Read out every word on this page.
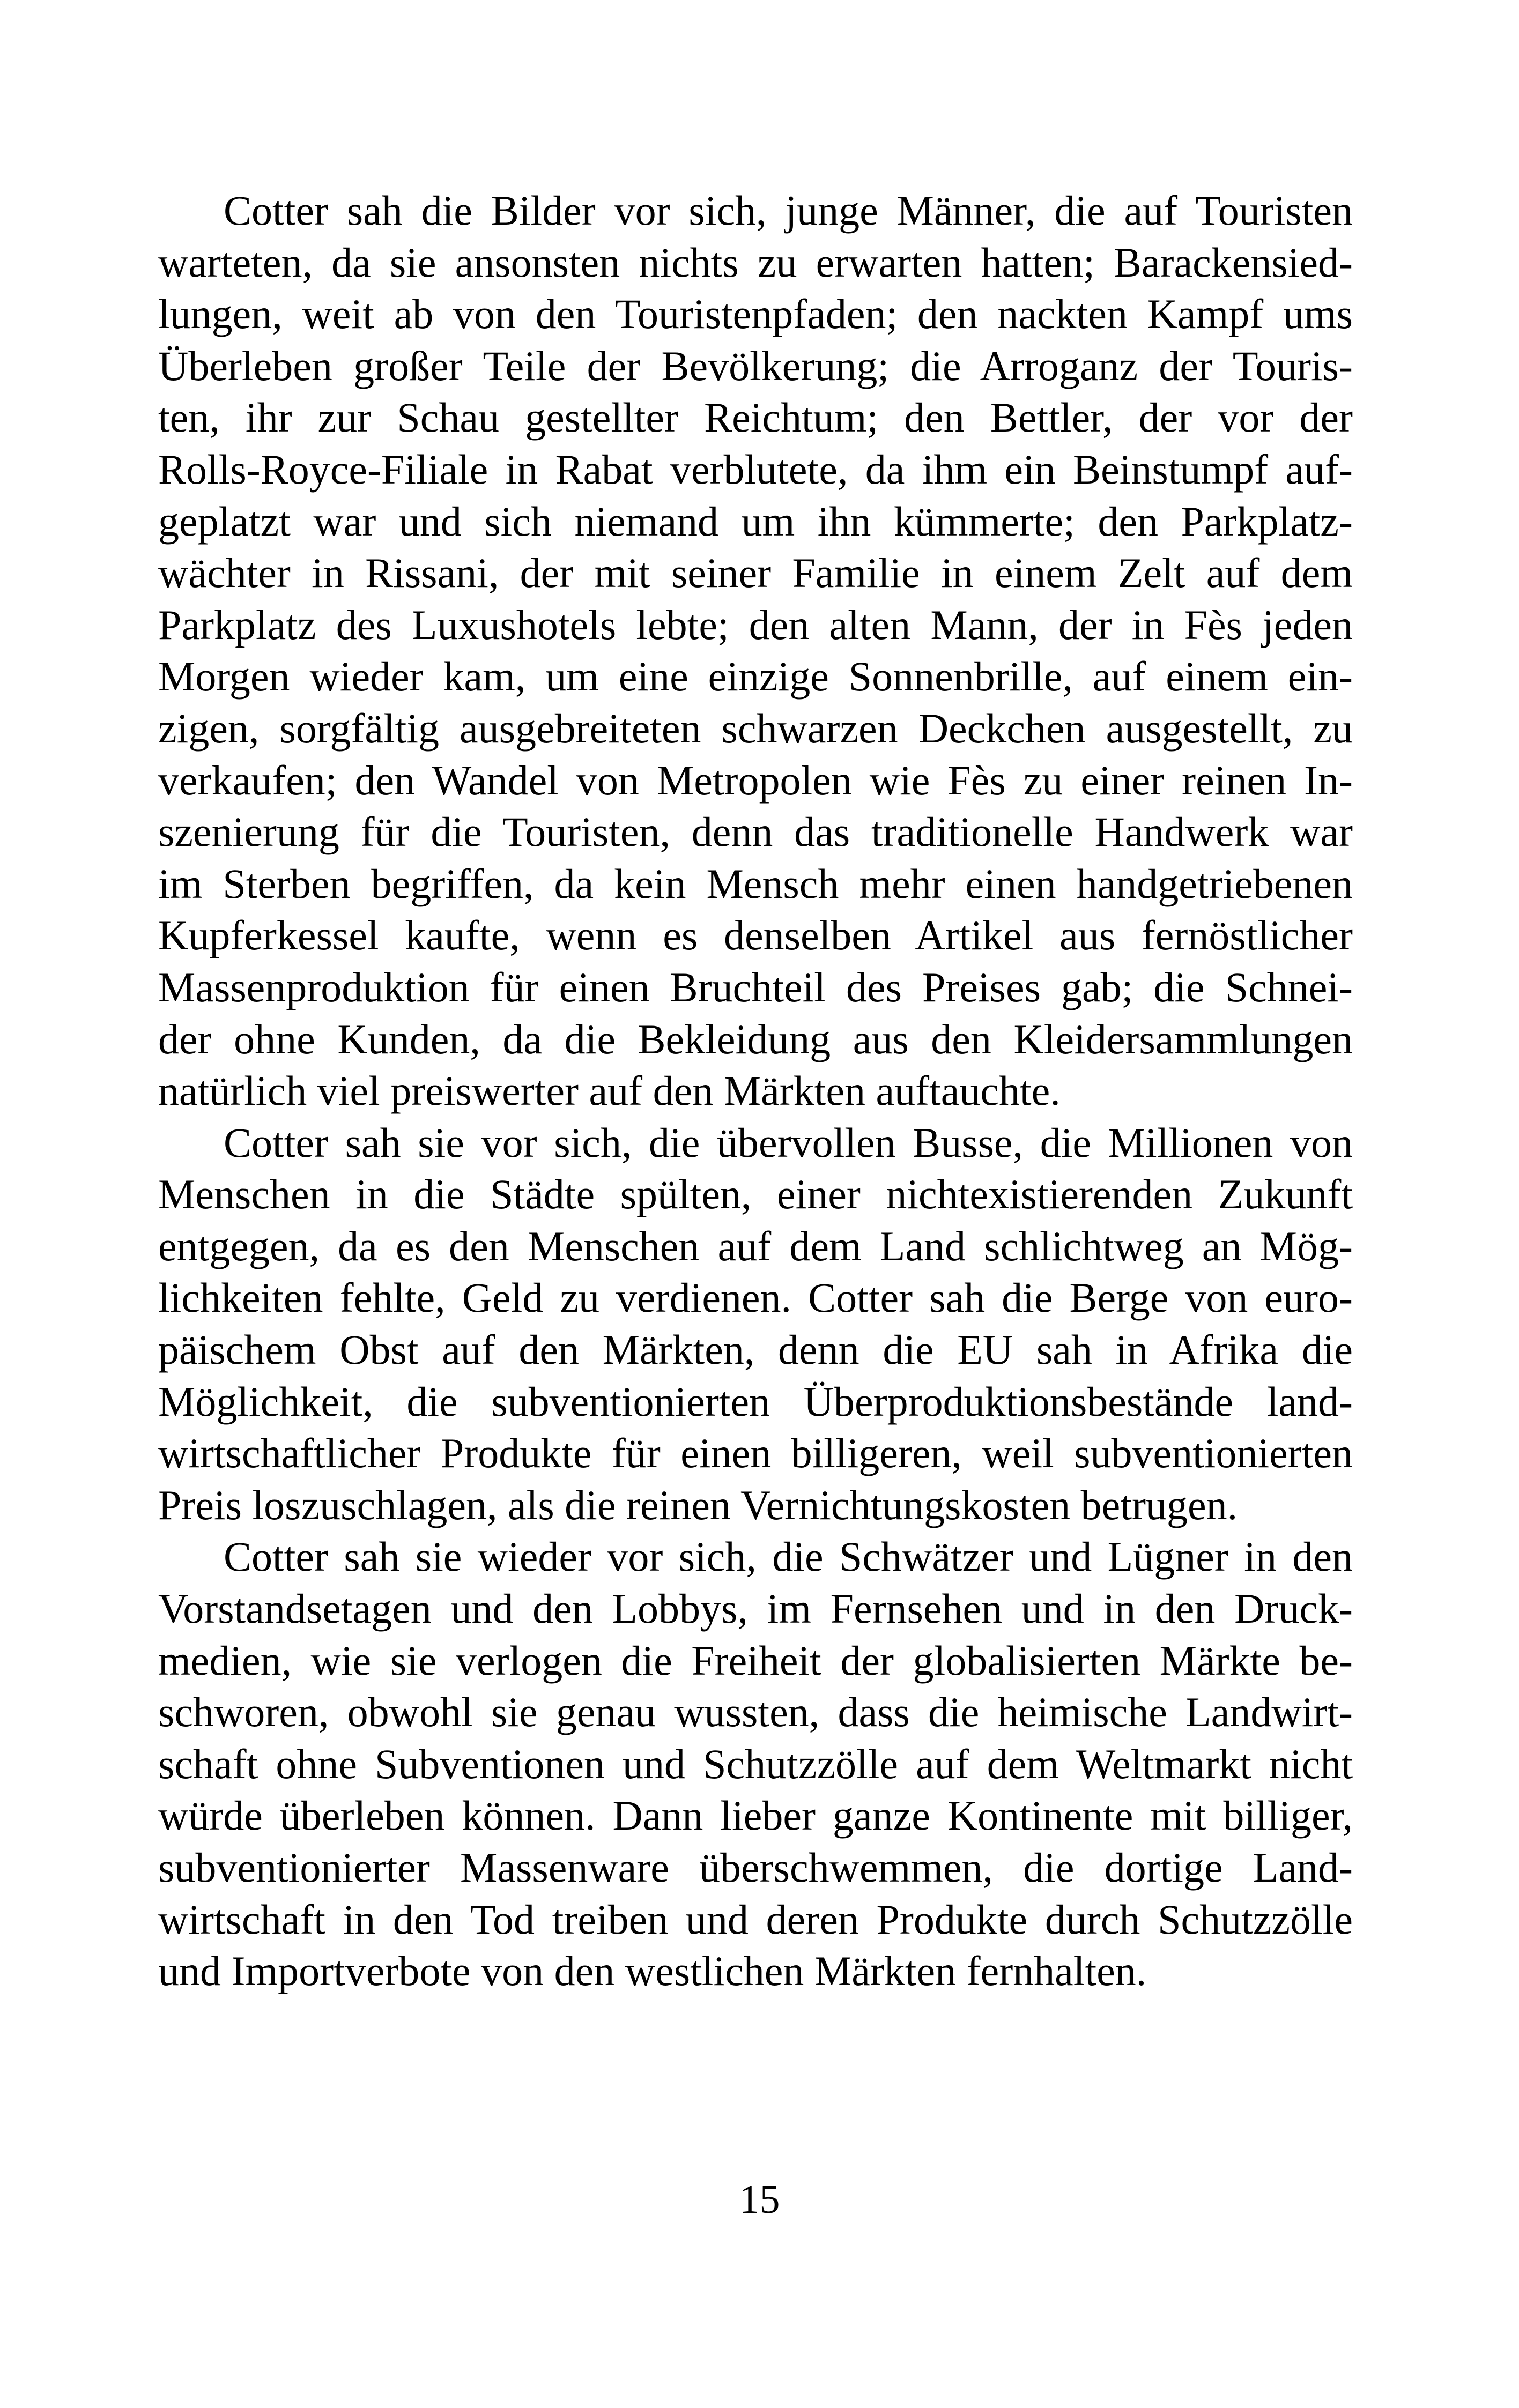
Cotter sah die Bilder vor sich, junge Männer, die auf Touristen
warteten, da sie ansonsten nichts zu erwarten hatten; Barackensied-
lungen, weit ab von den Touristenpfaden; den nackten Kampf ums
Überleben großer Teile der Bevölkerung; die Arroganz der Touris-
ten, ihr zur Schau gestellter Reichtum; den Bettler, der vor der
Rolls-Royce-Filiale in Rabat verblutete, da ihm ein Beinstumpf auf-
geplatzt war und sich niemand um ihn kümmerte; den Parkplatz-
wächter in Rissani, der mit seiner Familie in einem Zelt auf dem
Parkplatz des Luxushotels lebte; den alten Mann, der in Fès jeden
Morgen wieder kam, um eine einzige Sonnenbrille, auf einem ein-
zigen, sorgfältig ausgebreiteten schwarzen Deckchen ausgestellt, zu
verkaufen; den Wandel von Metropolen wie Fès zu einer reinen In-
szenierung für die Touristen, denn das traditionelle Handwerk war
im Sterben begriffen, da kein Mensch mehr einen handgetriebenen
Kupferkessel kaufte, wenn es denselben Artikel aus fernöstlicher
Massenproduktion für einen Bruchteil des Preises gab; die Schnei-
der ohne Kunden, da die Bekleidung aus den Kleidersammlungen
natürlich viel preiswerter auf den Märkten auftauchte.
Cotter sah sie vor sich, die übervollen Busse, die Millionen von
Menschen in die Städte spülten, einer nichtexistierenden Zukunft
entgegen, da es den Menschen auf dem Land schlichtweg an Mög-
lichkeiten fehlte, Geld zu verdienen. Cotter sah die Berge von euro-
päischem Obst auf den Märkten, denn die EU sah in Afrika die
Möglichkeit, die subventionierten Überproduktionsbestände land-
wirtschaftlicher Produkte für einen billigeren, weil subventionierten
Preis loszuschlagen, als die reinen Vernichtungskosten betrugen.
Cotter sah sie wieder vor sich, die Schwätzer und Lügner in den
Vorstandsetagen und den Lobbys, im Fernsehen und in den Druck-
medien, wie sie verlogen die Freiheit der globalisierten Märkte be-
schworen, obwohl sie genau wussten, dass die heimische Landwirt-
schaft ohne Subventionen und Schutzzölle auf dem Weltmarkt nicht
würde überleben können. Dann lieber ganze Kontinente mit billiger,
subventionierter Massenware überschwemmen, die dortige Land-
wirtschaft in den Tod treiben und deren Produkte durch Schutzzölle
und Importverbote von den westlichen Märkten fernhalten.
15
